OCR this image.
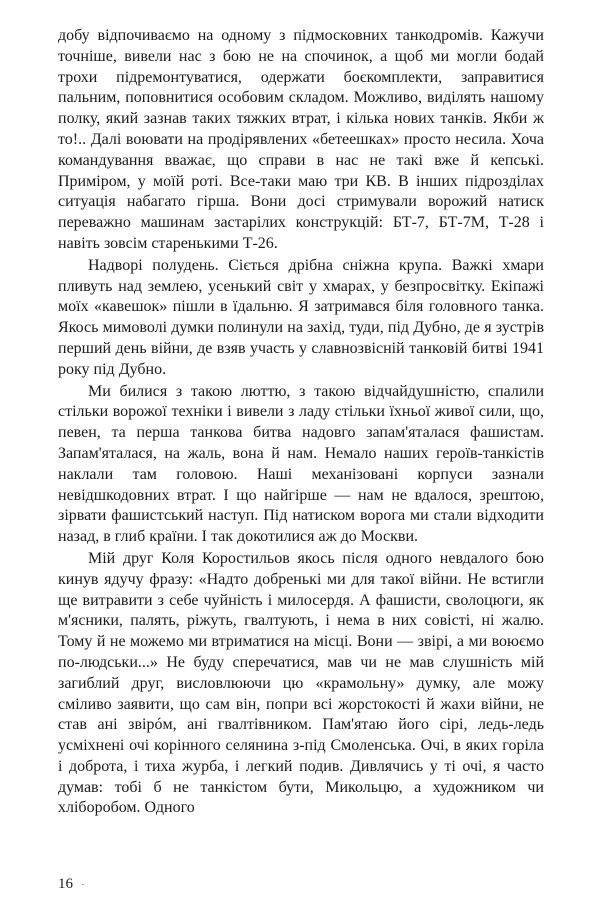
добу відпочиваємо на одному з підмосковних танкодромів. Кажучи точніше, вивели нас з бою не на спочинок, а щоб ми могли бодай трохи підремонтуватися, одержати боєкомплекти, заправитися пальним, поповнитися особовим складом. Можливо, виділять нашому полку, який зазнав таких тяжких втрат, і кілька нових танків. Якби ж то!.. Далі воювати на продірявлених «бетеешках» просто несила. Хоча командування вважає, що справи в нас не такі вже й кепські. Приміром, у моїй роті. Все-таки маю три КВ. В інших підрозділах ситуація набагато гірша. Вони досі стримували ворожий натиск переважно машинам застарілих конструкцій: БТ-7, БТ-7М, Т-28 і навіть зовсім старенькими Т-26.

Надворі полудень. Сіється дрібна сніжна крупа. Важкі хмари пливуть над землею, усенький світ у хмарах, у безпросвітку. Екіпажі моїх «кавешок» пішли в їдальню. Я затримався біля головного танка. Якось мимоволі думки полинули на захід, туди, під Дубно, де я зустрів перший день війни, де взяв участь у славнозвісній танковій битві 1941 року під Дубно.

Ми билися з такою люттю, з такою відчайдушністю, спалили стільки ворожої техніки і вивели з ладу стільки їхньої живої сили, що, певен, та перша танкова битва надовго запам'яталася фашистам. Запам'яталася, на жаль, вона й нам. Немало наших героїв-танкістів наклали там головою. Наші механізовані корпуси зазнали невідшкодовних втрат. І що найгірше — нам не вдалося, зрештою, зірвати фашистський наступ. Під натиском ворога ми стали відходити назад, в глиб країни. І так докотилися аж до Москви.

Мій друг Коля Коростильов якось після одного невдалого бою кинув ядучу фразу: «Надто добренькі ми для такої війни. Не встигли ще витравити з себе чуйність і милосердя. А фашисти, сволоцюги, як м'ясники, палять, ріжуть, гвалтують, і нема в них совісті, ні жалю. Тому й не можемо ми втриматися на місці. Вони — звірі, а ми воюємо по-людськи...» Не буду сперечатися, мав чи не мав слушність мій загиблий друг, висловлюючи цю «крамольну» думку, але можу сміливо заявити, що сам він, попри всі жорстокості й жахи війни, не став ані звірóм, ані гвалтівником. Пам'ятаю його сірі, ледь-ледь усміхнені очі корінного селянина з-під Смоленська. Очі, в яких горіла і доброта, і тиха журба, і легкий подив. Дивлячись у ті очі, я часто думав: тобі б не танкістом бути, Микольцю, а художником чи хліборобом. Одного

16 ·
